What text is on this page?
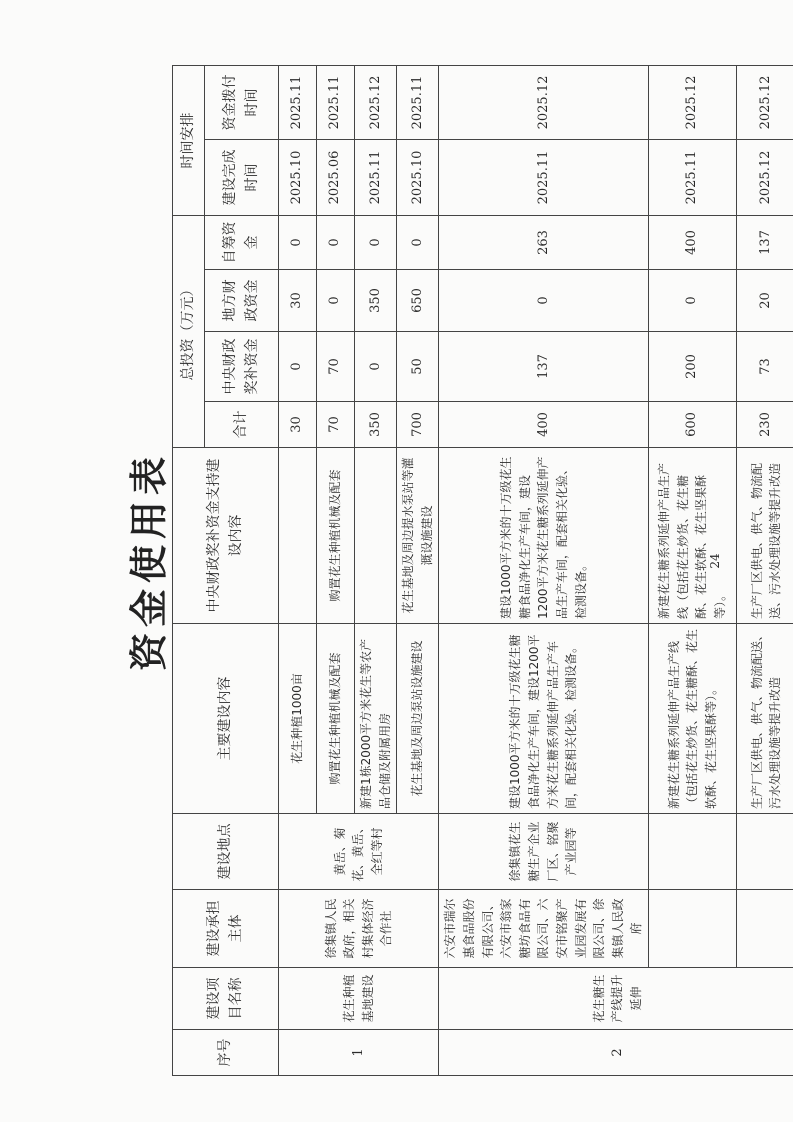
资金使用表
序号	建设项目名称	建设承担主体	建设地点	主要建设内容	中央财政奖补资金支持建设内容	总投资（万元）				时间安排	
						合计	中央财政奖补资金	地方财政资金	自筹资金	建设完成时间	资金拨付时间
1	花生种植基地建设	徐集镇人民政府，相关村集体经济合作社	黄岳、菊花、黄岳、全红等村	花生种植1000亩		30	0	30	0	2025.10	2025.11
				购置花生种植机械及配套	购置花生种植机械及配套	70	70	0	0	2025.06	2025.11
				新建1栋2000平方米花生等农产品仓储及附属用房		350	0	350	0	2025.11	2025.12
				花生基地及周边泵站设施建设	花生基地及周边提水泵站等灌溉设施建设	700	50	650	0	2025.10	2025.11
2	花生糖生产线提升延伸	六安市瑞尔惠食品股份有限公司、六安市翁家糖坊食品有限公司、六安市铭聚产业园发展有限公司、徐集镇人民政府	徐集镇花生糖生产企业厂区、铭聚产业园等	建设1000平方米的十万级花生糖食品净化生产车间，建设1200平方米花生糖系列延伸产品生产车间，配套相关化验、检测设备。	建设1000平方米的十万级花生糖食品净化生产车间，建设1200平方米花生糖系列延伸产品生产车间，配套相关化验、检测设备。	400	137	0	263	2025.11	2025.12
				新建花生糖系列延伸产品生产线（包括花生炒货、花生糖酥、花生软酥、花生坚果酥等）。	新建花生糖系列延伸产品生产线（包括花生炒货、花生糖酥、花生软酥、花生坚果酥等）。	600	200	0	400	2025.11	2025.12
				生产厂区供电、供气、物流配送、污水处理设施等提升改造	生产厂区供电、供气、物流配送、污水处理设施等提升改造	230	73	20	137	2025.12	2025.12
24
